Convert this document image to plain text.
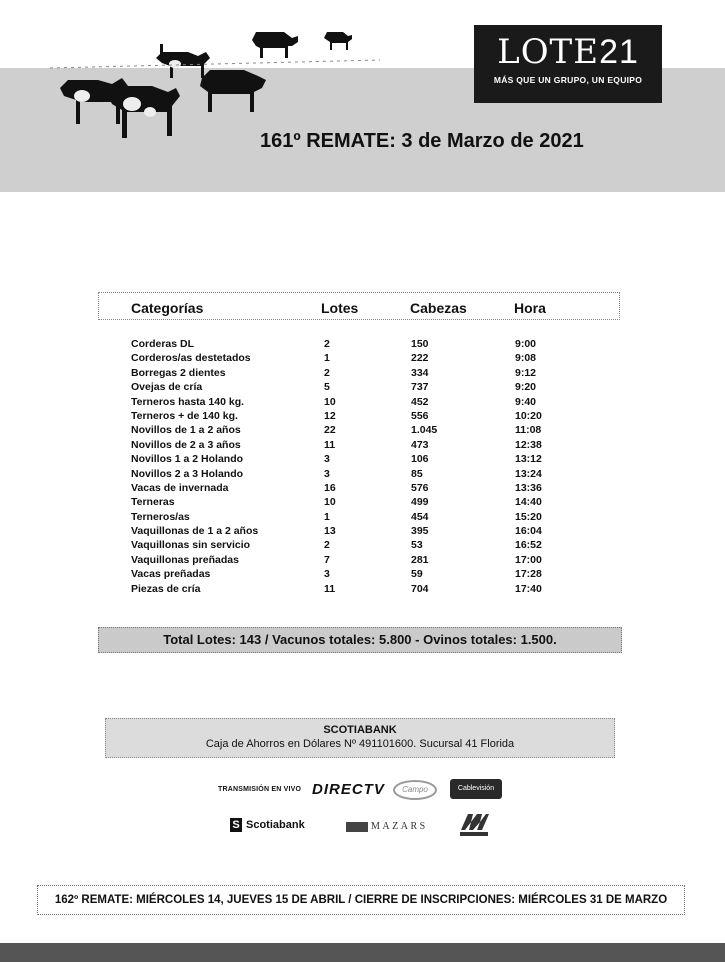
LOTE21
MÁS QUE UN GRUPO, UN EQUIPO
161º REMATE: 3 de Marzo de 2021
Categorías	Lotes	Cabezas	Hora
Corderas DL	2	150	9:00
Corderos/as destetados	1	222	9:08
Borregas 2 dientes	2	334	9:12
Ovejas de cría	5	737	9:20
Terneros hasta 140 kg.	10	452	9:40
Terneros + de 140 kg.	12	556	10:20
Novillos de 1 a 2 años	22	1.045	11:08
Novillos de 2 a 3 años	11	473	12:38
Novillos 1 a 2 Holando	3	106	13:12
Novillos 2 a 3 Holando	3	85	13:24
Vacas de invernada	16	576	13:36
Terneras	10	499	14:40
Terneros/as	1	454	15:20
Vaquillonas de 1 a 2 años	13	395	16:04
Vaquillonas sin servicio	2	53	16:52
Vaquillonas preñadas	7	281	17:00
Vacas preñadas	3	59	17:28
Piezas de cría	11	704	17:40
Total Lotes: 143 / Vacunos totales: 5.800 - Ovinos totales: 1.500.
SCOTIABANK
Caja de Ahorros en Dólares Nº 491101600. Sucursal 41 Florida
TRANSMISIÓN EN VIVO DIRECTV	Campo	Cablevisión
S Scotiabank	MAZARS
162º REMATE: MIÉRCOLES 14, JUEVES 15 DE ABRIL / CIERRE DE INSCRIPCIONES: MIÉRCOLES 31 DE MARZO
